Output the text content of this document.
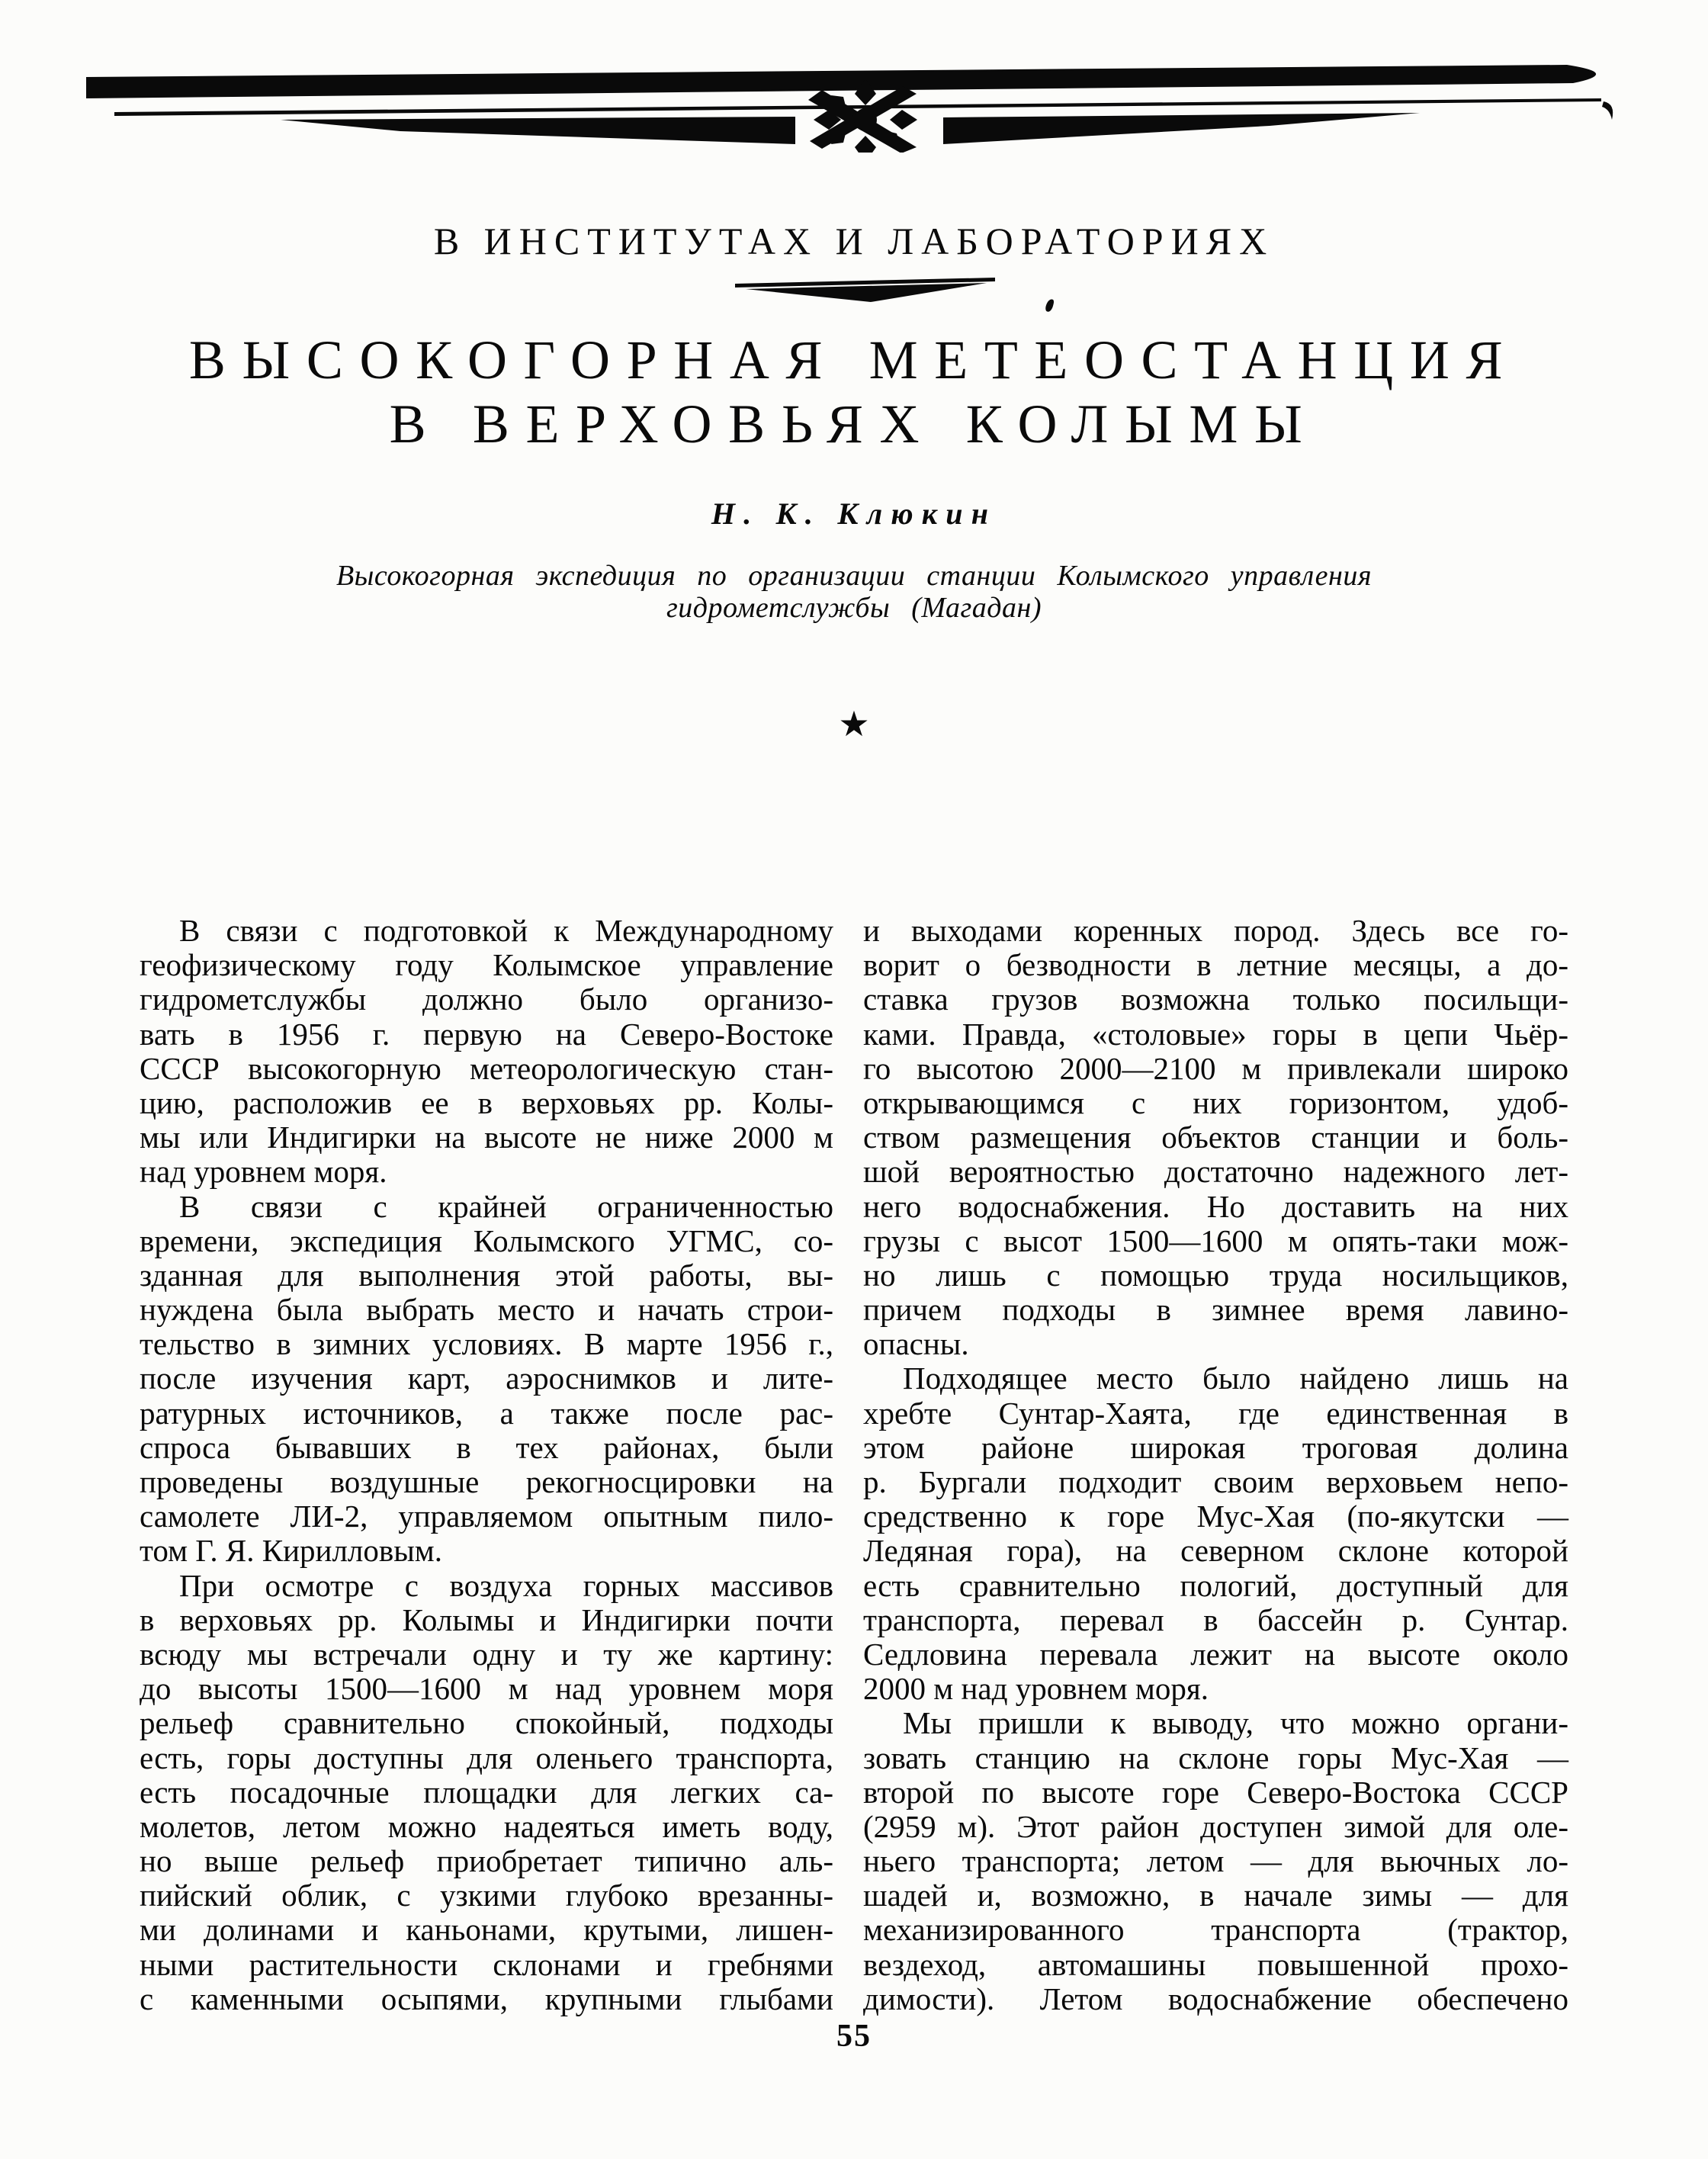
В ИНСТИТУТАХ И ЛАБОРАТОРИЯХ
ВЫСОКОГОРНАЯ МЕТЕОСТАНЦИЯ
В ВЕРХОВЬЯХ КОЛЫМЫ
Н. К. Клюкин
Высокогорная экспедиция по организации станции Колымского управления
гидрометслужбы (Магадан)
★
В связи с подготовкой к Международному
геофизическому году Колымское управление
гидрометслужбы должно было организо-
вать в 1956 г. первую на Северо-Востоке
СССР высокогорную метеорологическую стан-
цию, расположив ее в верховьях рр. Колы-
мы или Индигирки на высоте не ниже 2000 м
над уровнем моря.
В связи с крайней ограниченностью
времени, экспедиция Колымского УГМС, со-
зданная для выполнения этой работы, вы-
нуждена была выбрать место и начать строи-
тельство в зимних условиях. В марте 1956 г.,
после изучения карт, аэроснимков и лите-
ратурных источников, а также после рас-
спроса бывавших в тех районах, были
проведены воздушные рекогносцировки на
самолете ЛИ-2, управляемом опытным пило-
том Г. Я. Кирилловым.
При осмотре с воздуха горных массивов
в верховьях рр. Колымы и Индигирки почти
всюду мы встречали одну и ту же картину:
до высоты 1500—1600 м над уровнем моря
рельеф сравнительно спокойный, подходы
есть, горы доступны для оленьего транспорта,
есть посадочные площадки для легких са-
молетов, летом можно надеяться иметь воду,
но выше рельеф приобретает типично аль-
пийский облик, с узкими глубоко врезанны-
ми долинами и каньонами, крутыми, лишен-
ными растительности склонами и гребнями
с каменными осыпями, крупными глыбами
и выходами коренных пород. Здесь все го-
ворит о безводности в летние месяцы, а до-
ставка грузов возможна только посильщи-
ками. Правда, «столовые» горы в цепи Чьёр-
го высотою 2000—2100 м привлекали широко
открывающимся с них горизонтом, удоб-
ством размещения объектов станции и боль-
шой вероятностью достаточно надежного лет-
него водоснабжения. Но доставить на них
грузы с высот 1500—1600 м опять-таки мож-
но лишь с помощью труда носильщиков,
причем подходы в зимнее время лавино-
опасны.
Подходящее место было найдено лишь на
хребте Сунтар-Хаята, где единственная в
этом районе широкая троговая долина
р. Бургали подходит своим верховьем непо-
средственно к горе Мус-Хая (по-якутски —
Ледяная гора), на северном склоне которой
есть сравнительно пологий, доступный для
транспорта, перевал в бассейн р. Сунтар.
Седловина перевала лежит на высоте около
2000 м над уровнем моря.
Мы пришли к выводу, что можно органи-
зовать станцию на склоне горы Мус-Хая —
второй по высоте горе Северо-Востока СССР
(2959 м). Этот район доступен зимой для оле-
ньего транспорта; летом — для вьючных ло-
шадей и, возможно, в начале зимы — для
механизированного транспорта (трактор,
вездеход, автомашины повышенной прохо-
димости). Летом водоснабжение обеспечено
55
